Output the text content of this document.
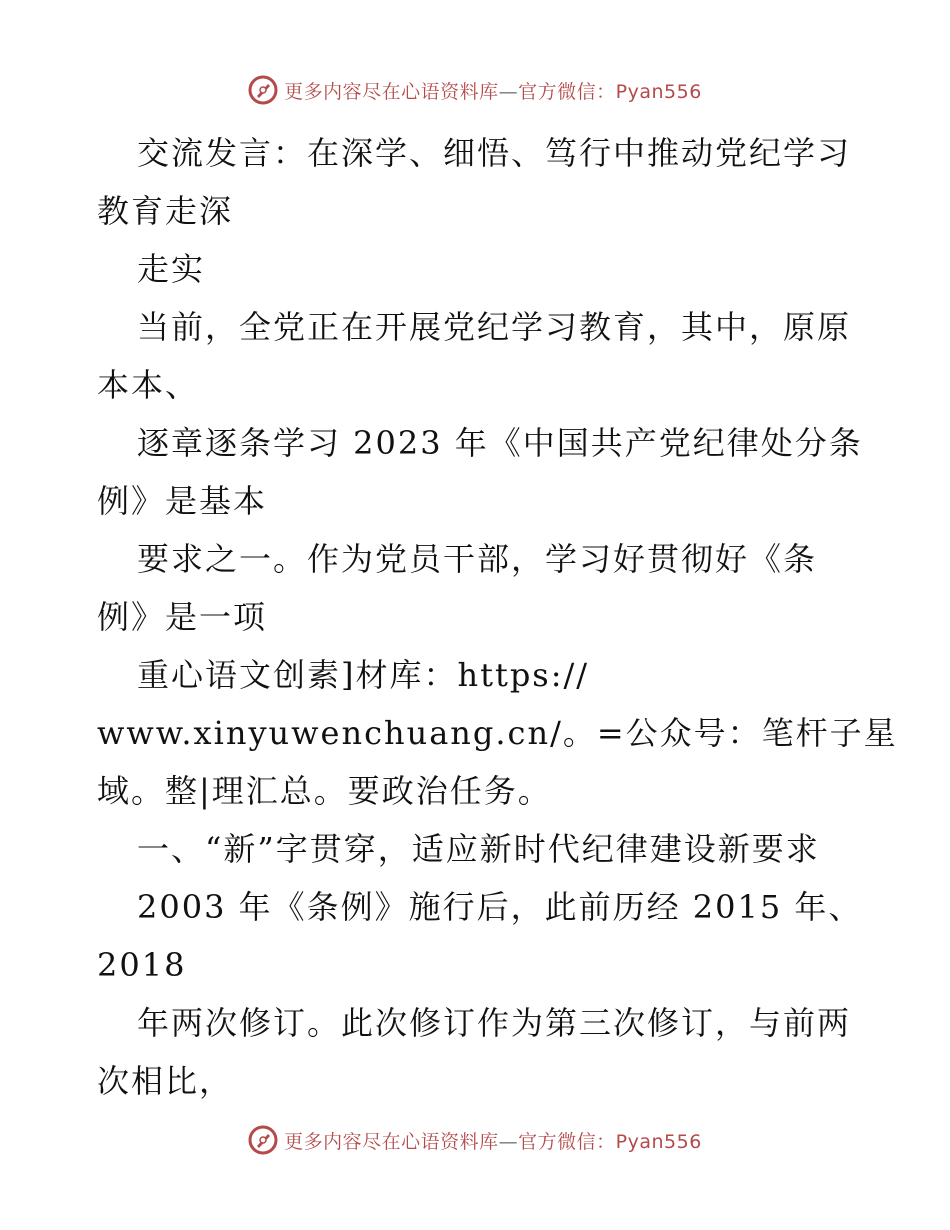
更多内容尽在心语资料库—官方微信：Pyan556
交流发言：在深学、细悟、笃行中推动党纪学习
教育走深
走实
当前，全党正在开展党纪学习教育，其中，原原
本本、
逐章逐条学习 2023 年《中国共产党纪律处分条
例》是基本
要求之一。作为党员干部，学习好贯彻好《条
例》是一项
重心语文创素]材库：https://
www.xinyuwenchuang.cn/。=公众号：笔杆子星
域。整|理汇总。要政治任务。
一、“新”字贯穿，适应新时代纪律建设新要求
2003 年《条例》施行后，此前历经 2015 年、
2018
年两次修订。此次修订作为第三次修订，与前两
次相比，
更多内容尽在心语资料库—官方微信：Pyan556
